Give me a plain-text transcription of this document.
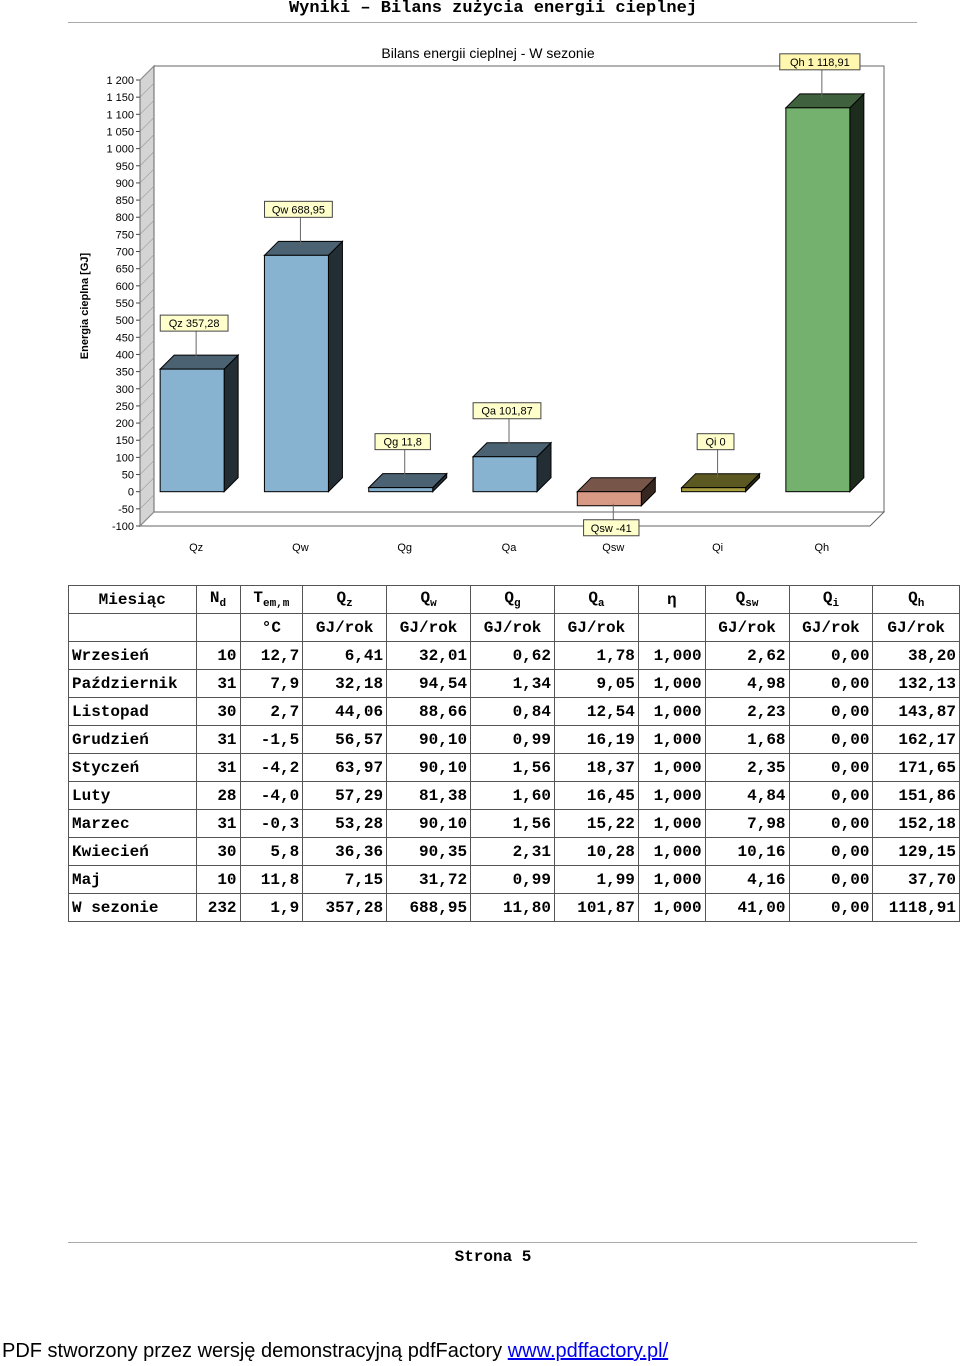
Wyniki – Bilans zużycia energii cieplnej
-100
-50
0
50
100
150
200
250
300
350
400
450
500
550
600
650
700
750
800
850
900
950
1 000
1 050
1 100
1 150
1 200
Energia cieplna [GJ]
Bilans energii cieplnej - W sezonie
Qz 357,28
Qz
Qw 688,95
Qw
Qg 11,8
Qg
Qa 101,87
Qa
Qsw -41
Qsw
Qi 0
Qi
Qh 1 118,91
Qh
Miesiąc	$N_d$	$T_{em,m}$	$Q_z$	$Q_w$	$Q_g$	$Q_a$	η	$Q_{sw}$	$Q_i$	$Q_h$
		°C	GJ/rok	GJ/rok	GJ/rok	GJ/rok		GJ/rok	GJ/rok	GJ/rok
Wrzesień	10	12,7	6,41	32,01	0,62	1,78	1,000	2,62	0,00	38,20
Październik	31	7,9	32,18	94,54	1,34	9,05	1,000	4,98	0,00	132,13
Listopad	30	2,7	44,06	88,66	0,84	12,54	1,000	2,23	0,00	143,87
Grudzień	31	-1,5	56,57	90,10	0,99	16,19	1,000	1,68	0,00	162,17
Styczeń	31	-4,2	63,97	90,10	1,56	18,37	1,000	2,35	0,00	171,65
Luty	28	-4,0	57,29	81,38	1,60	16,45	1,000	4,84	0,00	151,86
Marzec	31	-0,3	53,28	90,10	1,56	15,22	1,000	7,98	0,00	152,18
Kwiecień	30	5,8	36,36	90,35	2,31	10,28	1,000	10,16	0,00	129,15
Maj	10	11,8	7,15	31,72	0,99	1,99	1,000	4,16	0,00	37,70
W sezonie	232	1,9	357,28	688,95	11,80	101,87	1,000	41,00	0,00	1118,91
Strona 5
PDF stworzony przez wersję demonstracyjną pdfFactory www.pdffactory.pl/
